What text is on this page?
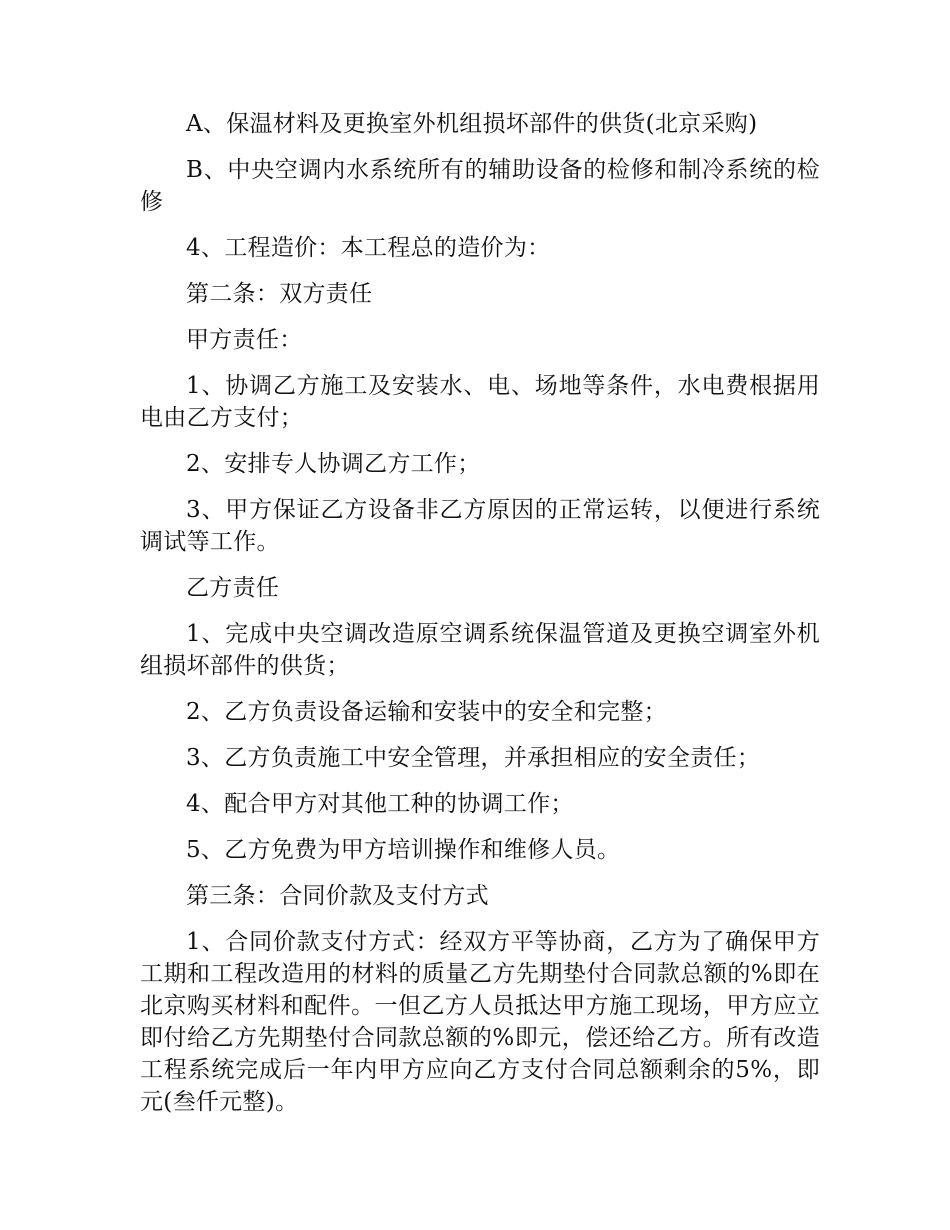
A、保温材料及更换室外机组损坏部件的供货(北京采购)

B、中央空调内水系统所有的辅助设备的检修和制冷系统的检修

4、工程造价：本工程总的造价为：

第二条：双方责任

甲方责任：

1、协调乙方施工及安装水、电、场地等条件，水电费根据用电由乙方支付；

2、安排专人协调乙方工作；

3、甲方保证乙方设备非乙方原因的正常运转，以便进行系统调试等工作。

乙方责任

1、完成中央空调改造原空调系统保温管道及更换空调室外机组损坏部件的供货；

2、乙方负责设备运输和安装中的安全和完整；

3、乙方负责施工中安全管理，并承担相应的安全责任；

4、配合甲方对其他工种的协调工作；

5、乙方免费为甲方培训操作和维修人员。

第三条：合同价款及支付方式

1、合同价款支付方式：经双方平等协商，乙方为了确保甲方工期和工程改造用的材料的质量乙方先期垫付合同款总额的%即在北京购买材料和配件。一但乙方人员抵达甲方施工现场，甲方应立即付给乙方先期垫付合同款总额的%即元，偿还给乙方。所有改造工程系统完成后一年内甲方应向乙方支付合同总额剩余的5%，即元(叁仟元整)。
